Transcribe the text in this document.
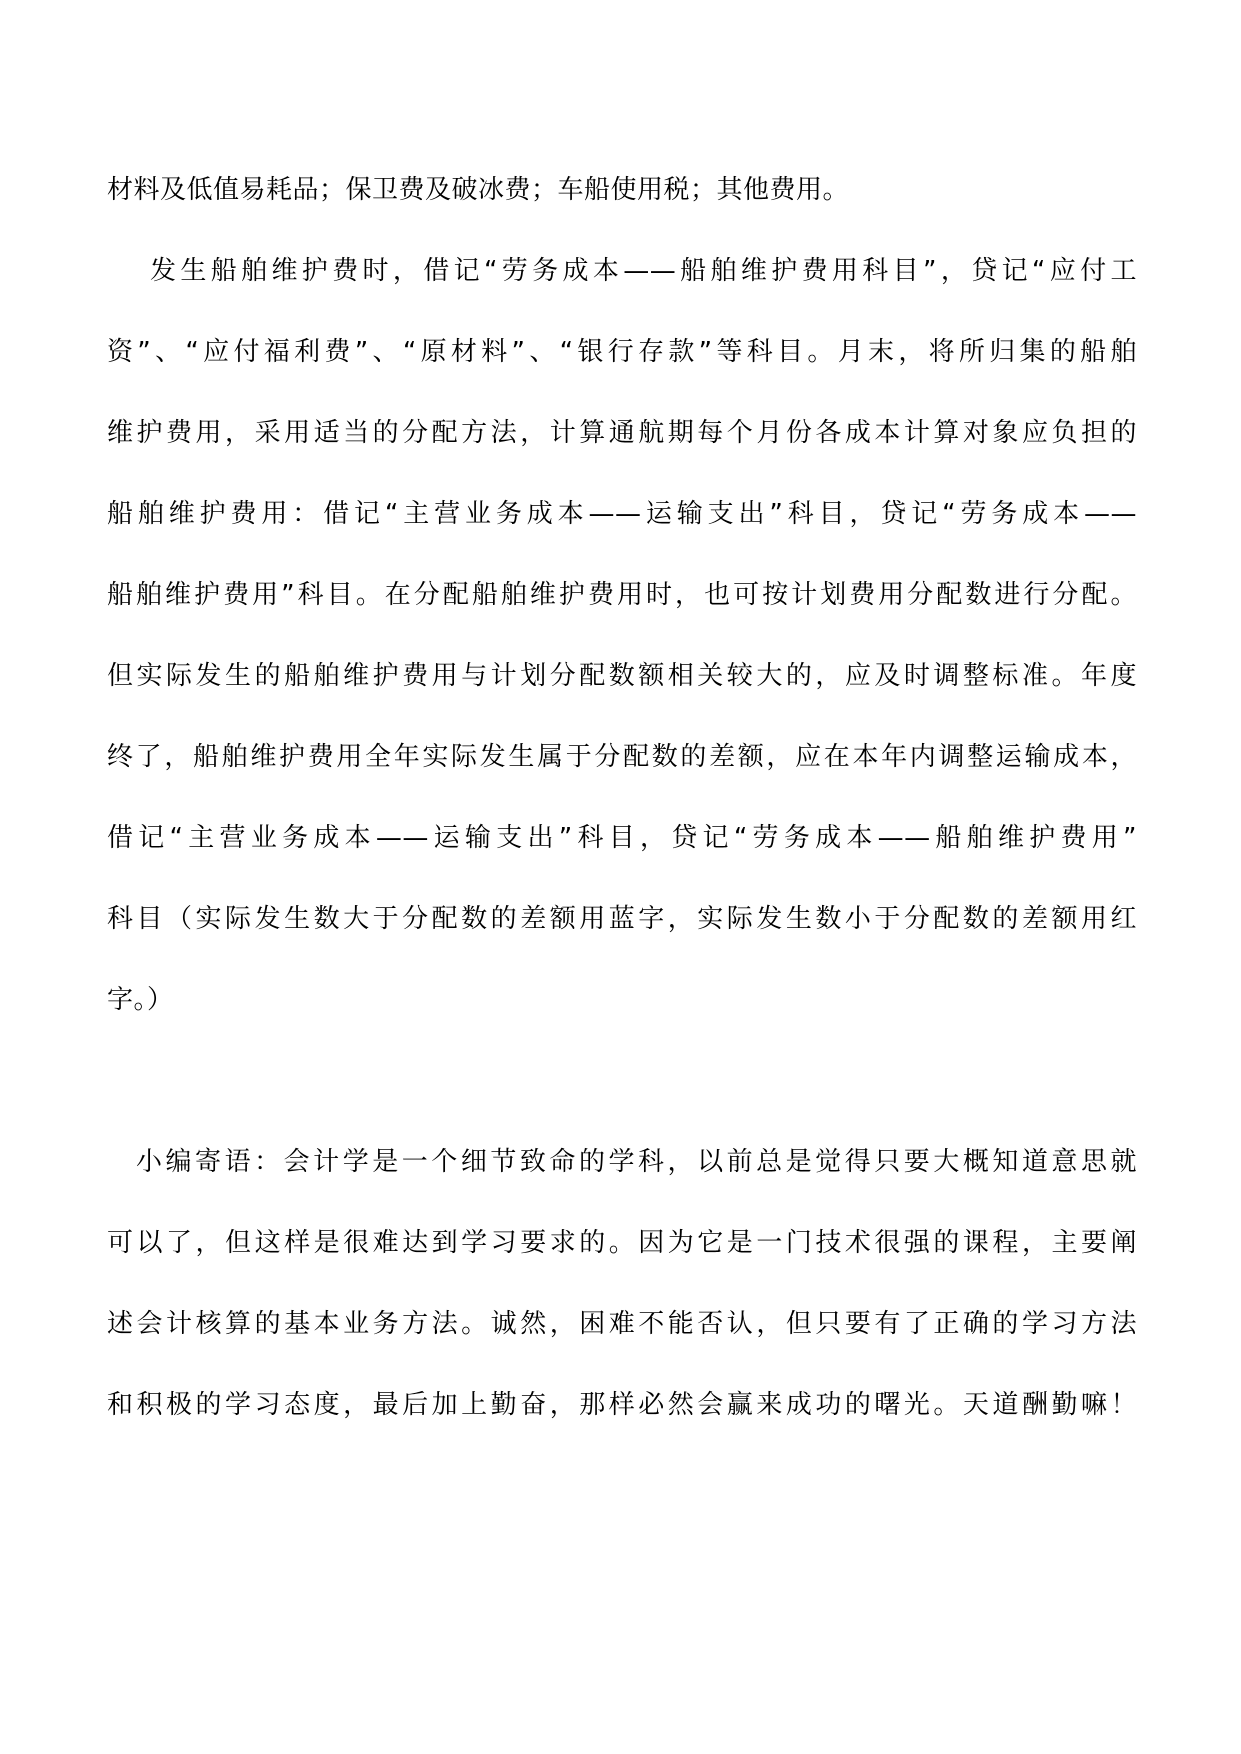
材料及低值易耗品；保卫费及破冰费；车船使用税；其他费用。
发生船舶维护费时，借记“劳务成本——船舶维护费用科目”，贷记“应付工
资”、“应付福利费”、“原材料”、“银行存款”等科目。月末，将所归集的船舶
维护费用，采用适当的分配方法，计算通航期每个月份各成本计算对象应负担的
船舶维护费用：借记“主营业务成本——运输支出”科目，贷记“劳务成本——
船舶维护费用”科目。在分配船舶维护费用时，也可按计划费用分配数进行分配。
但实际发生的船舶维护费用与计划分配数额相关较大的，应及时调整标准。年度
终了，船舶维护费用全年实际发生属于分配数的差额，应在本年内调整运输成本，
借记“主营业务成本——运输支出”科目，贷记“劳务成本——船舶维护费用”
科目（实际发生数大于分配数的差额用蓝字，实际发生数小于分配数的差额用红
字。）
小编寄语：会计学是一个细节致命的学科，以前总是觉得只要大概知道意思就
可以了，但这样是很难达到学习要求的。因为它是一门技术很强的课程，主要阐
述会计核算的基本业务方法。诚然，困难不能否认，但只要有了正确的学习方法
和积极的学习态度，最后加上勤奋，那样必然会赢来成功的曙光。天道酬勤嘛！
